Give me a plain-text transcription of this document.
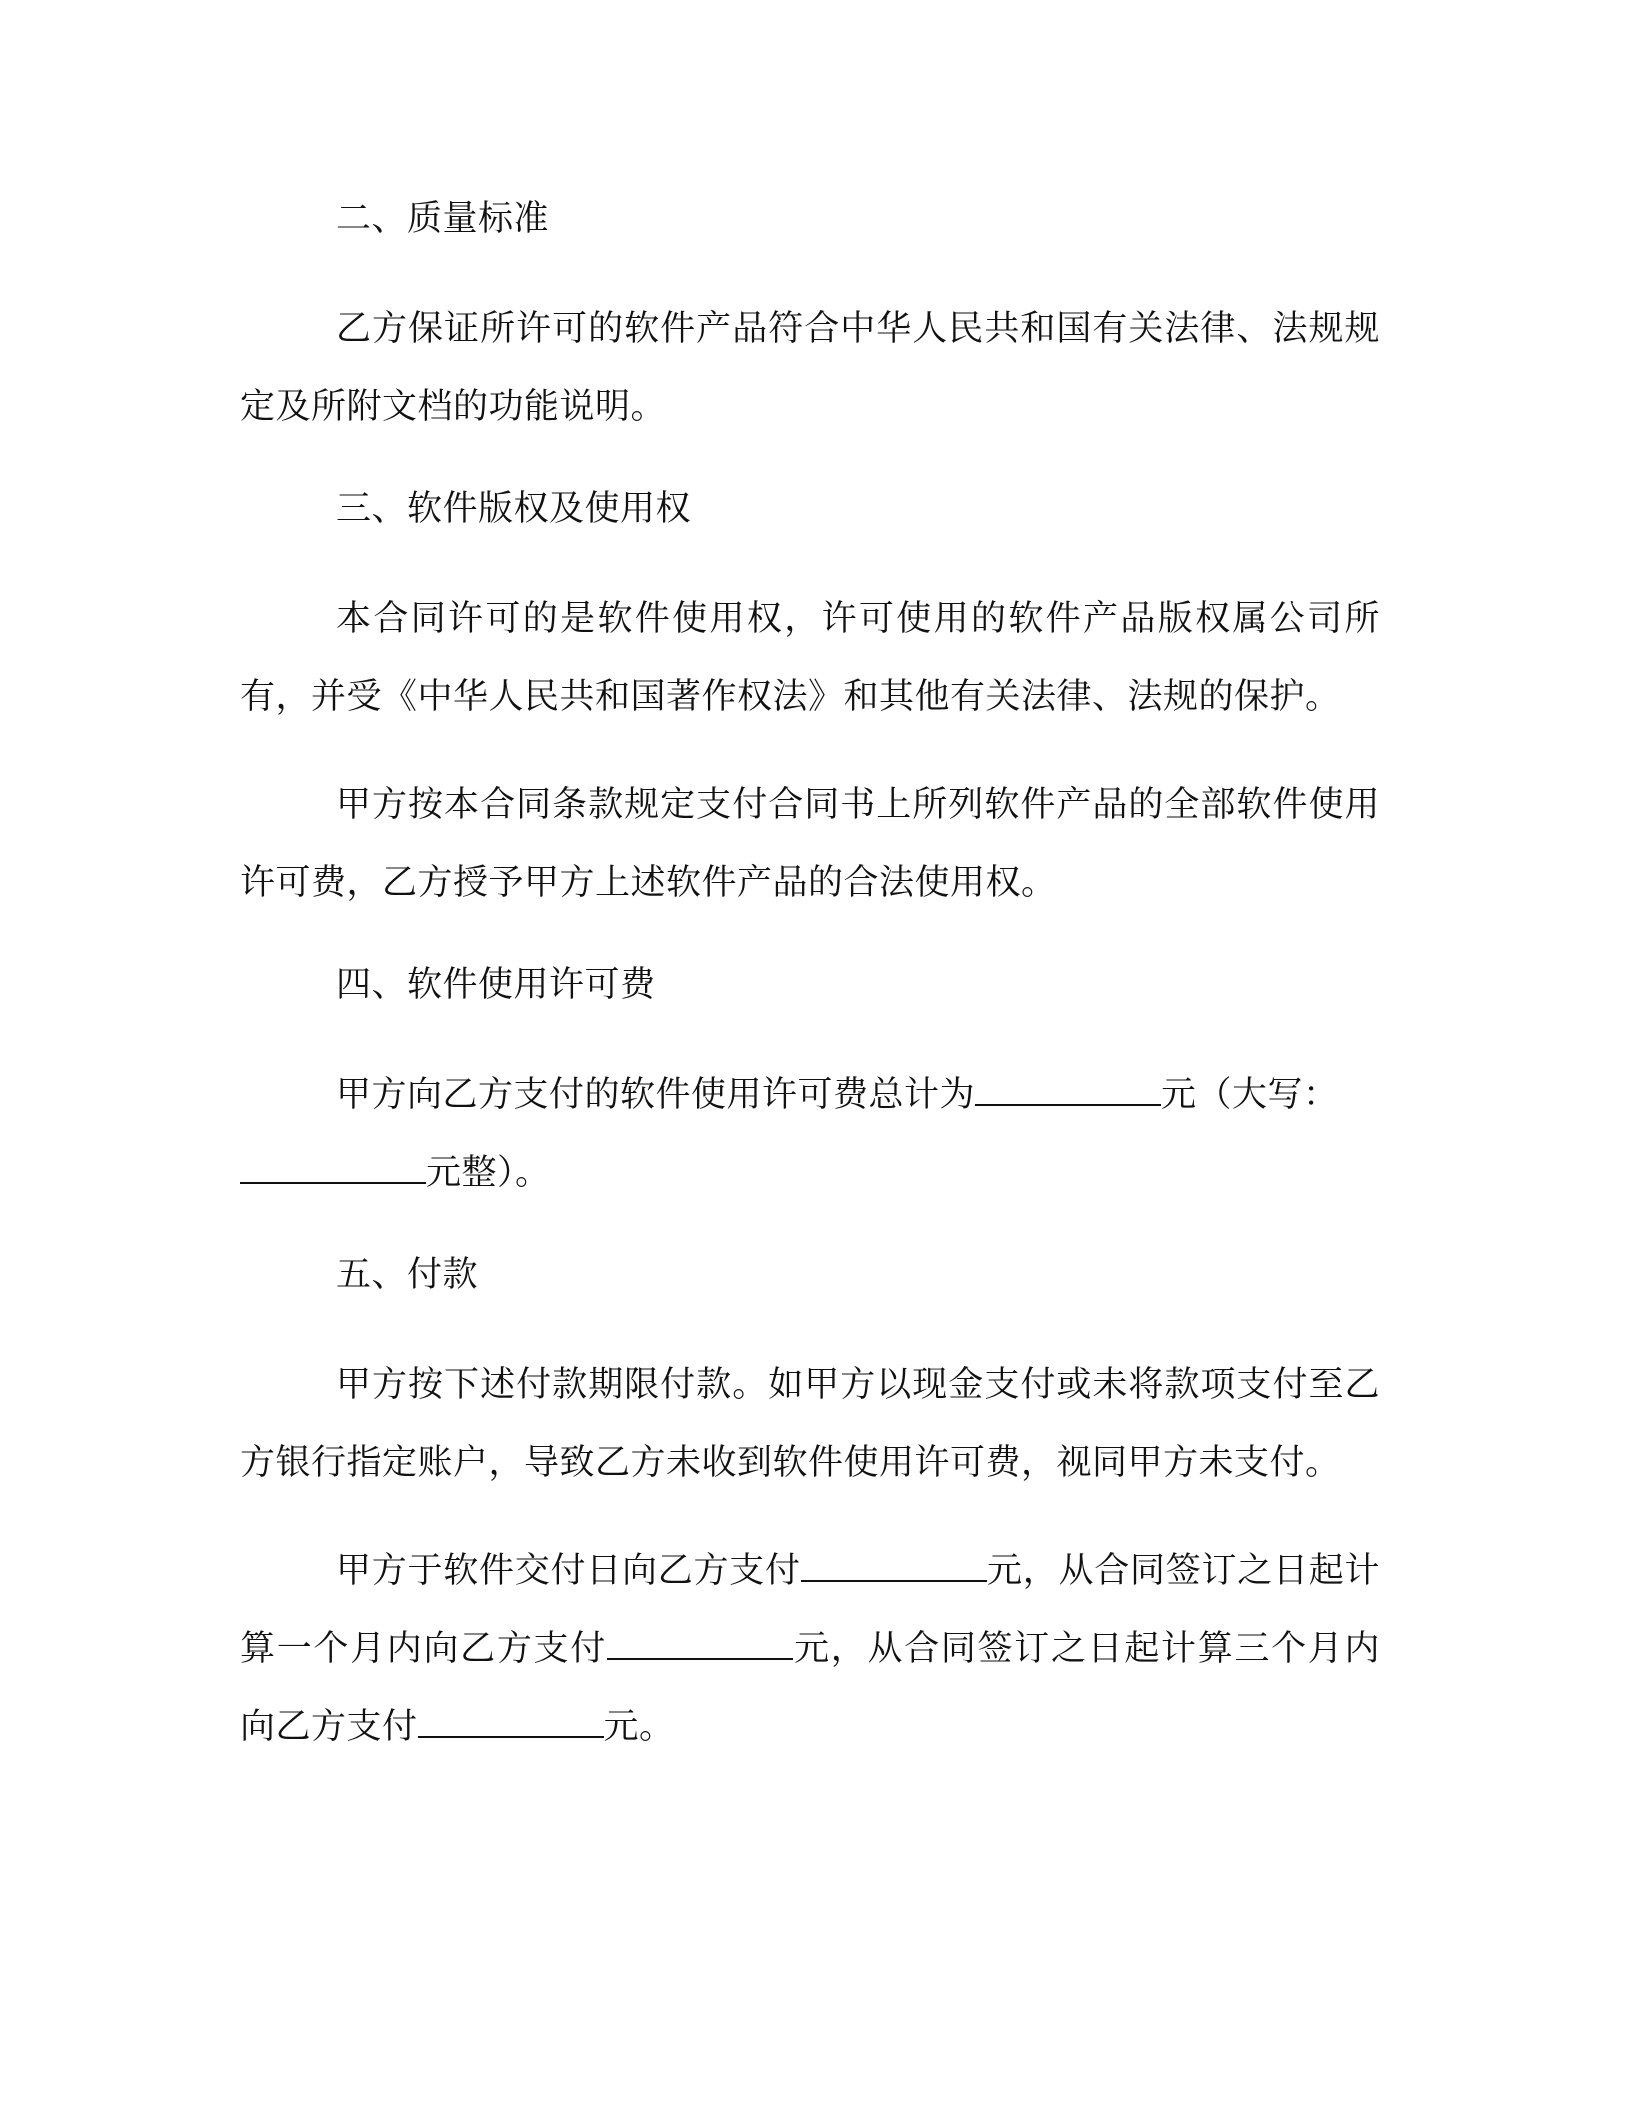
二、质量标准

乙方保证所许可的软件产品符合中华人民共和国有关法律、法规规定及所附文档的功能说明。

三、软件版权及使用权

本合同许可的是软件使用权，许可使用的软件产品版权属公司所有，并受《中华人民共和国著作权法》和其他有关法律、法规的保护。

甲方按本合同条款规定支付合同书上所列软件产品的全部软件使用许可费，乙方授予甲方上述软件产品的合法使用权。

四、软件使用许可费

甲方向乙方支付的软件使用许可费总计为	元（大写：
元整）。

五、付款

甲方按下述付款期限付款。如甲方以现金支付或未将款项支付至乙方银行指定账户，导致乙方未收到软件使用许可费，视同甲方未支付。

甲方于软件交付日向乙方支付	元，从合同签订之日起计算一个月内向乙方支付	元，从合同签订之日起计算三个月内向乙方支付	元。
